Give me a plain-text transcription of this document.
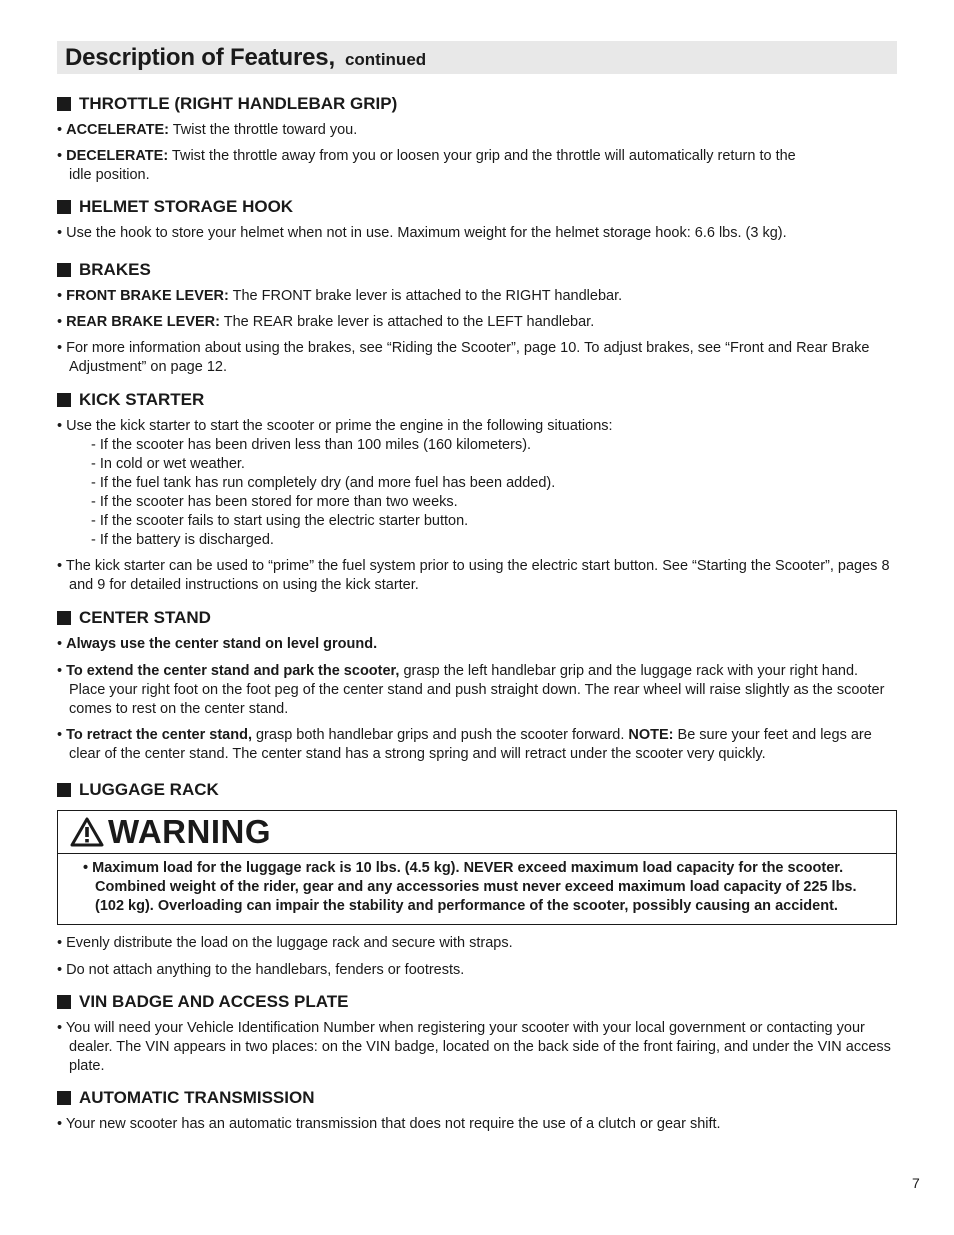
Description of Features, continued
THROTTLE (RIGHT HANDLEBAR GRIP)

• ACCELERATE: Twist the throttle toward you.

• DECELERATE: Twist the throttle away from you or loosen your grip and the throttle will automatically return to the idle position.

HELMET STORAGE HOOK

• Use the hook to store your helmet when not in use. Maximum weight for the helmet storage hook: 6.6 lbs. (3 kg).

BRAKES

• FRONT BRAKE LEVER: The FRONT brake lever is attached to the RIGHT handlebar.

• REAR BRAKE LEVER: The REAR brake lever is attached to the LEFT handlebar.

• For more information about using the brakes, see “Riding the Scooter”, page 10. To adjust brakes, see “Front and Rear Brake Adjustment” on page 12.

KICK STARTER

• Use the kick starter to start the scooter or prime the engine in the following situations:

- If the scooter has been driven less than 100 miles (160 kilometers).

- In cold or wet weather.

- If the fuel tank has run completely dry (and more fuel has been added).

- If the scooter has been stored for more than two weeks.

- If the scooter fails to start using the electric starter button.

- If the battery is discharged.

• The kick starter can be used to “prime” the fuel system prior to using the electric start button. See “Starting the Scooter”, pages 8 and 9 for detailed instructions on using the kick starter.

CENTER STAND

• Always use the center stand on level ground.

• To extend the center stand and park the scooter, grasp the left handlebar grip and the luggage rack with your right hand. Place your right foot on the foot peg of the center stand and push straight down. The rear wheel will raise slightly as the scooter comes to rest on the center stand.

• To retract the center stand, grasp both handlebar grips and push the scooter forward. NOTE: Be sure your feet and legs are clear of the center stand. The center stand has a strong spring and will retract under the scooter very quickly.

LUGGAGE RACK
WARNING

• Maximum load for the luggage rack is 10 lbs. (4.5 kg). NEVER exceed maximum load capacity for the scooter. Combined weight of the rider, gear and any accessories must never exceed maximum load capacity of 225 lbs. (102 kg). Overloading can impair the stability and performance of the scooter, possibly causing an accident.

• Evenly distribute the load on the luggage rack and secure with straps.

• Do not attach anything to the handlebars, fenders or footrests.

VIN BADGE AND ACCESS PLATE

• You will need your Vehicle Identification Number when registering your scooter with your local government or contacting your dealer. The VIN appears in two places: on the VIN badge, located on the back side of the front fairing, and under the VIN access plate.

AUTOMATIC TRANSMISSION

• Your new scooter has an automatic transmission that does not require the use of a clutch or gear shift.

7
